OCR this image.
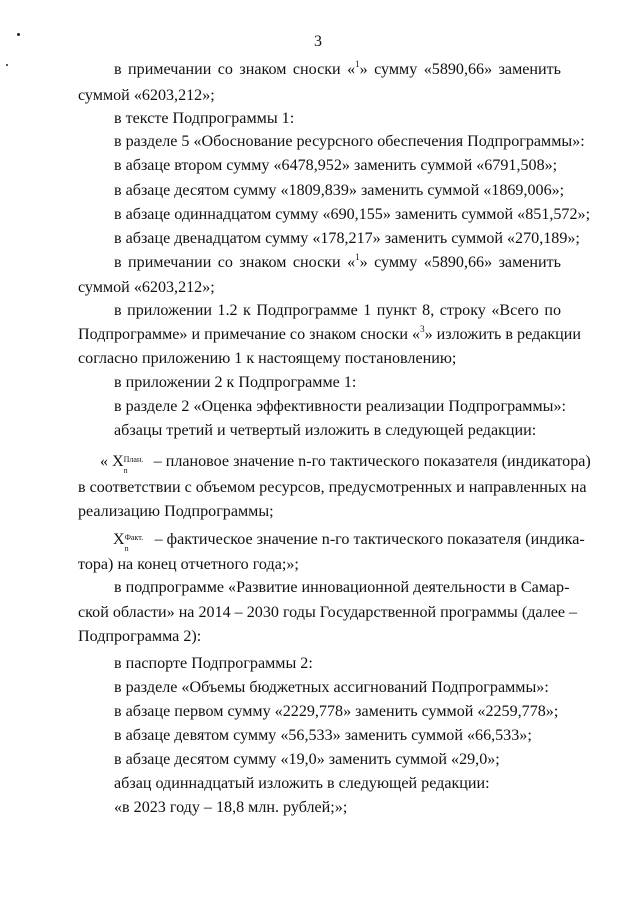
3
в примечании со знаком сноски «$^1$» сумму «5890,66» заменить
суммой «6203,212»;
в тексте Подпрограммы 1:
в разделе 5 «Обоснование ресурсного обеспечения Подпрограммы»:
в абзаце втором сумму «6478,952» заменить суммой «6791,508»;
в абзаце десятом сумму «1809,839» заменить суммой «1869,006»;
в абзаце одиннадцатом сумму «690,155» заменить суммой «851,572»;
в абзаце двенадцатом сумму «178,217» заменить суммой «270,189»;
в примечании со знаком сноски «$^1$» сумму «5890,66» заменить
суммой «6203,212»;
в приложении 1.2 к Подпрограмме 1 пункт 8, строку «Всего по
Подпрограмме» и примечание со знаком сноски «$^3$» изложить в редакции
согласно приложению 1 к настоящему постановлению;
в приложении 2 к Подпрограмме 1:
в разделе 2 «Оценка эффективности реализации Подпрограммы»:
абзацы третий и четвертый изложить в следующей редакции:
« X План.
n
– плановое значение n-го тактического показателя (индикатора)
в соответствии с объемом ресурсов, предусмотренных и направленных на
реализацию Подпрограммы;
X Факт.
n
– фактическое значение n-го тактического показателя (индика-
тора) на конец отчетного года;»;
в подпрограмме «Развитие инновационной деятельности в Самар-
ской области» на 2014 – 2030 годы Государственной программы (далее –
Подпрограмма 2):
в паспорте Подпрограммы 2:
в разделе «Объемы бюджетных ассигнований Подпрограммы»:
в абзаце первом сумму «2229,778» заменить суммой «2259,778»;
в абзаце девятом сумму «56,533» заменить суммой «66,533»;
в абзаце десятом сумму «19,0» заменить суммой «29,0»;
абзац одиннадцатый изложить в следующей редакции:
«в 2023 году – 18,8 млн. рублей;»;
